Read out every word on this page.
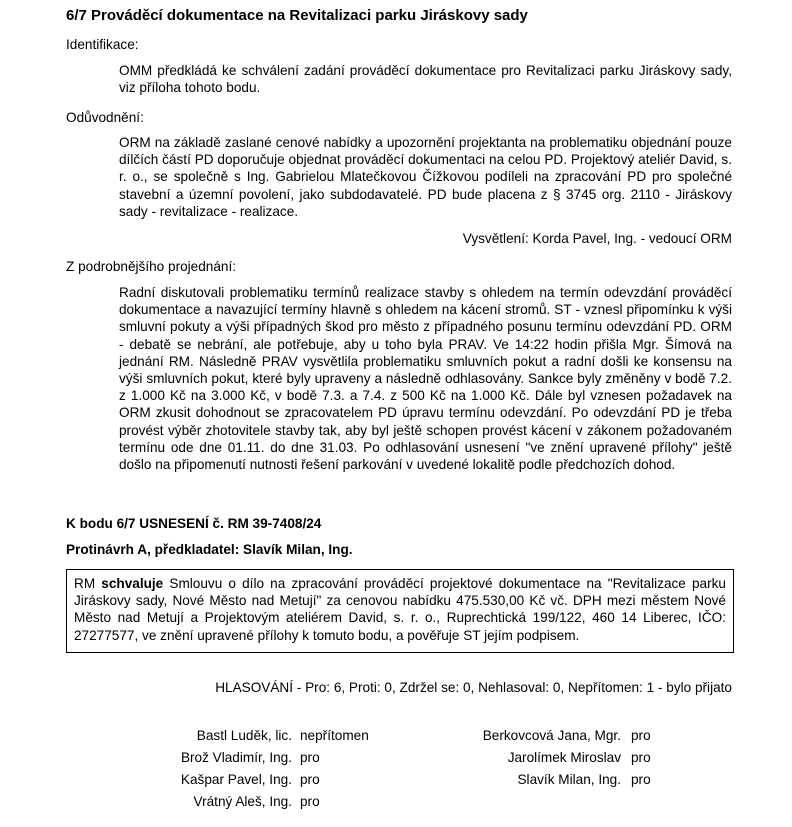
6/7 Prováděcí dokumentace na Revitalizaci parku Jiráskovy sady
Identifikace:
OMM předkládá ke schválení zadání prováděcí dokumentace pro Revitalizaci parku Jiráskovy sady, viz příloha tohoto bodu.
Odůvodnění:
ORM na základě zaslané cenové nabídky a upozornění projektanta na problematiku objednání pouze dílčích částí PD doporučuje objednat prováděcí dokumentaci na celou PD. Projektový ateliér David, s. r. o., se společně s Ing. Gabrielou Mlatečkovou Čížkovou podíleli na zpracování PD pro společné stavební a územní povolení, jako subdodavatelé. PD bude placena z § 3745 org. 2110 - Jiráskovy sady - revitalizace - realizace.
Vysvětlení: Korda Pavel, Ing. - vedoucí ORM
Z podrobnějšího projednání:
Radní diskutovali problematiku termínů realizace stavby s ohledem na termín odevzdání prováděcí dokumentace a navazující termíny hlavně s ohledem na kácení stromů. ST - vznesl připomínku k výši smluvní pokuty a výši případných škod pro město z případného posunu termínu odevzdání PD. ORM - debatě se nebrání, ale potřebuje, aby u toho byla PRAV. Ve 14:22 hodin přišla Mgr. Šímová na jednání RM. Následně PRAV vysvětlila problematiku smluvních pokut a radní došli ke konsensu na výši smluvních pokut, které byly upraveny a následně odhlasovány. Sankce byly změněny v bodě 7.2. z 1.000 Kč na 3.000 Kč, v bodě 7.3. a 7.4. z 500 Kč na 1.000 Kč. Dále byl vznesen požadavek na ORM zkusit dohodnout se zpracovatelem PD úpravu termínu odevzdání. Po odevzdání PD je třeba provést výběr zhotovitele stavby tak, aby byl ještě schopen provést kácení v zákonem požadovaném termínu ode dne 01.11. do dne 31.03. Po odhlasování usnesení "ve znění upravené přílohy" ještě došlo na připomenutí nutnosti řešení parkování v uvedené lokalitě podle předchozích dohod.
K bodu 6/7 USNESENÍ č. RM 39-7408/24
Protinávrh A, předkladatel: Slavík Milan, Ing.
RM schvaluje Smlouvu o dílo na zpracování prováděcí projektové dokumentace na "Revitalizace parku Jiráskovy sady, Nové Město nad Metují" za cenovou nabídku 475.530,00 Kč vč. DPH mezi městem Nové Město nad Metují a Projektovým ateliérem David, s. r. o., Ruprechtická 199/122, 460 14 Liberec, IČO: 27277577, ve znění upravené přílohy k tomuto bodu, a pověřuje ST jejím podpisem.
HLASOVÁNÍ - Pro: 6, Proti: 0, Zdržel se: 0, Nehlasoval: 0, Nepřítomen: 1 - bylo přijato
Bastl Luděk, lic. nepřítomen
Brož Vladimír, Ing. pro
Kašpar Pavel, Ing. pro
Vrátný Aleš, Ing. pro
Berkovcová Jana, Mgr. pro
Jarolímek Miroslav pro
Slavík Milan, Ing. pro
